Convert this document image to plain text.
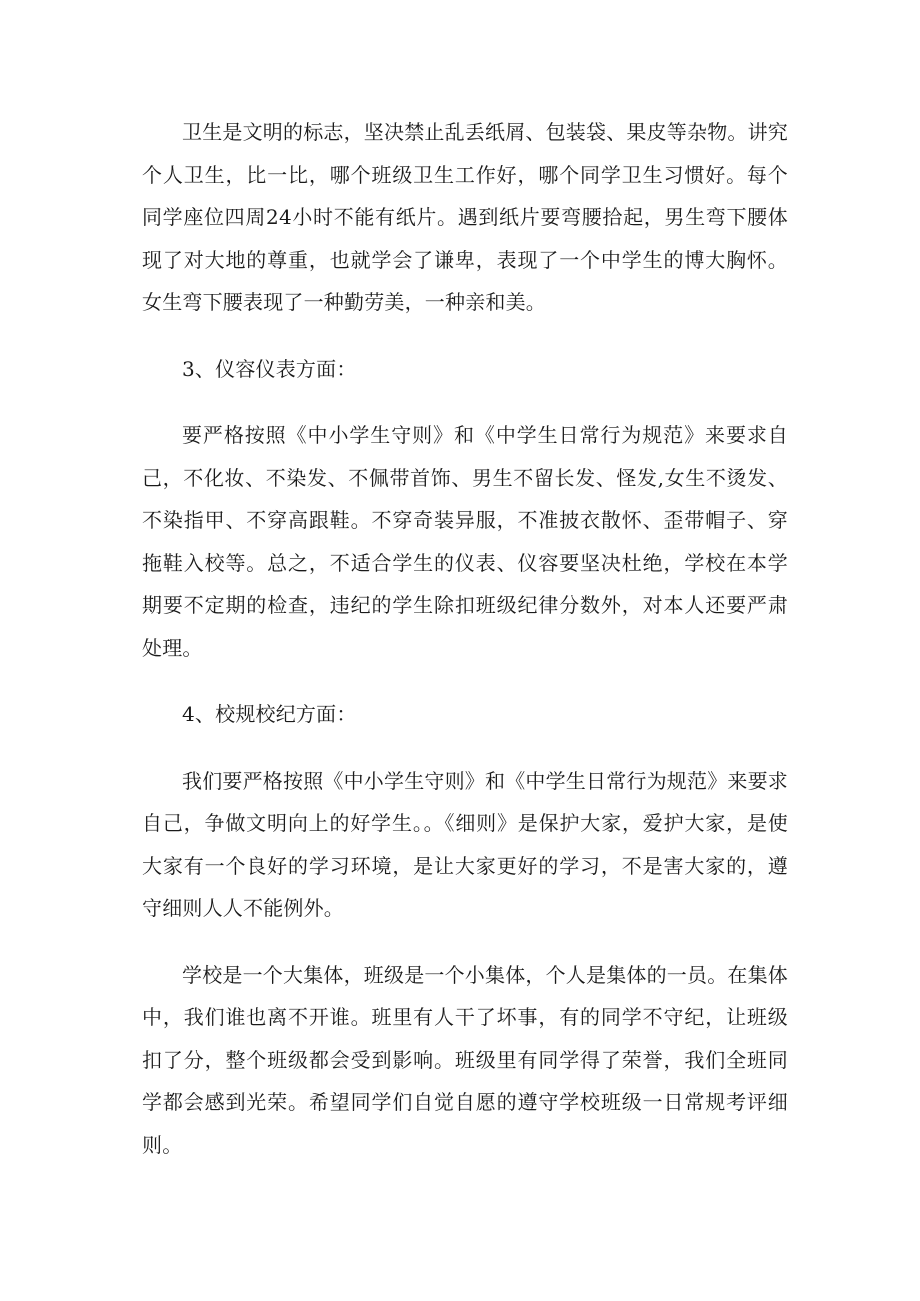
卫生是文明的标志，坚决禁止乱丢纸屑、包装袋、果皮等杂物。讲究个人卫生，比一比，哪个班级卫生工作好，哪个同学卫生习惯好。每个同学座位四周24小时不能有纸片。遇到纸片要弯腰拾起，男生弯下腰体现了对大地的尊重，也就学会了谦卑，表现了一个中学生的博大胸怀。女生弯下腰表现了一种勤劳美，一种亲和美。

3、仪容仪表方面：

要严格按照《中小学生守则》和《中学生日常行为规范》来要求自己，不化妆、不染发、不佩带首饰、男生不留长发、怪发,女生不烫发、不染指甲、不穿高跟鞋。不穿奇装异服，不准披衣散怀、歪带帽子、穿拖鞋入校等。总之，不适合学生的仪表、仪容要坚决杜绝，学校在本学期要不定期的检查，违纪的学生除扣班级纪律分数外，对本人还要严肃处理。

4、校规校纪方面：

我们要严格按照《中小学生守则》和《中学生日常行为规范》来要求自己，争做文明向上的好学生。。《细则》是保护大家，爱护大家，是使大家有一个良好的学习环境，是让大家更好的学习，不是害大家的，遵守细则人人不能例外。

学校是一个大集体，班级是一个小集体，个人是集体的一员。在集体中，我们谁也离不开谁。班里有人干了坏事，有的同学不守纪，让班级扣了分，整个班级都会受到影响。班级里有同学得了荣誉，我们全班同学都会感到光荣。希望同学们自觉自愿的遵守学校班级一日常规考评细则。
